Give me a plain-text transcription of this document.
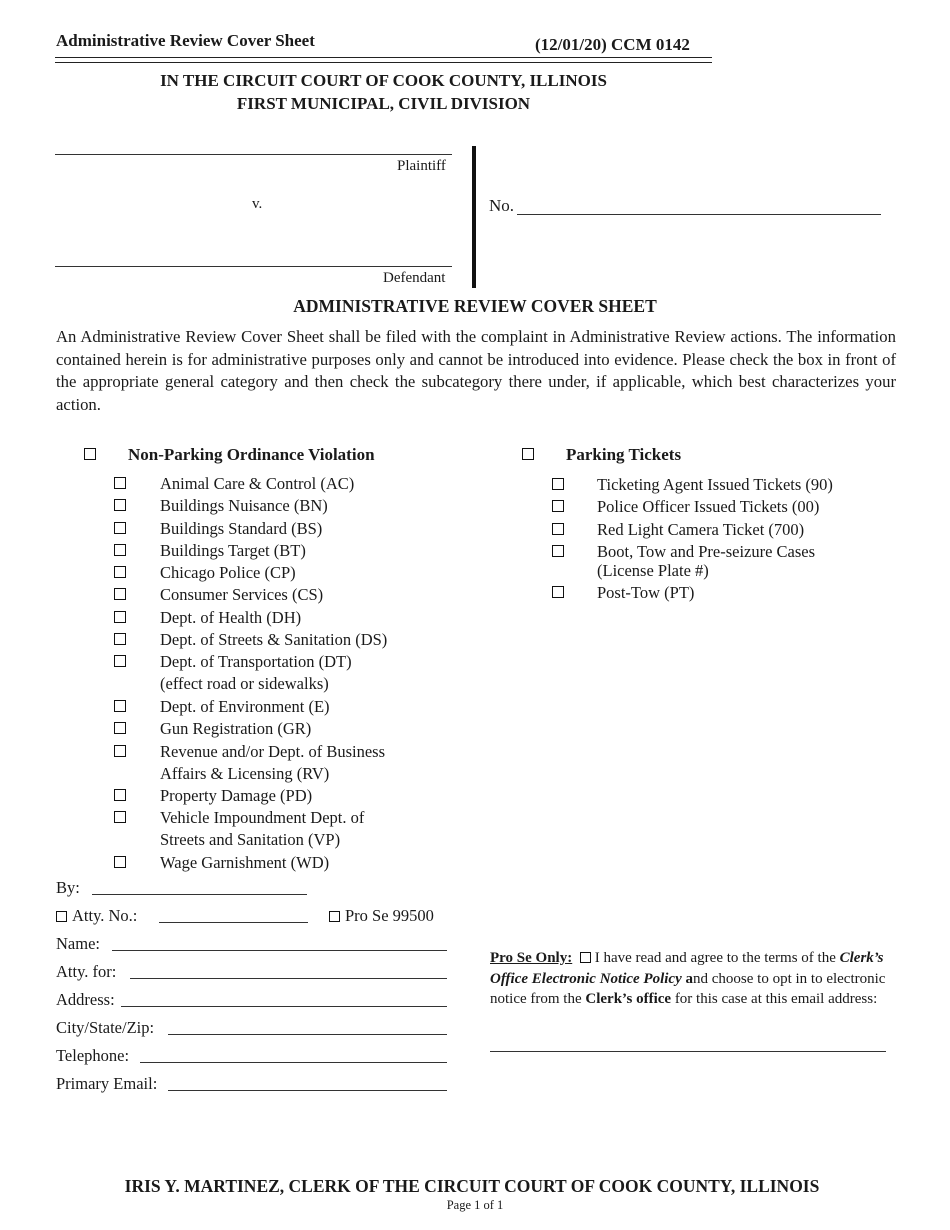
Administrative Review Cover Sheet	(12/01/20) CCM 0142
IN THE CIRCUIT COURT OF COOK COUNTY, ILLINOIS
FIRST MUNICIPAL, CIVIL DIVISION
Plaintiff
v.
Defendant
No.
ADMINISTRATIVE REVIEW COVER SHEET
An Administrative Review Cover Sheet shall be filed with the complaint in Administrative Review actions. The information contained herein is for administrative purposes only and cannot be introduced into evidence. Please check the box in front of the appropriate general category and then check the subcategory there under, if applicable, which best characterizes your action.
Non-Parking Ordinance Violation
Animal Care & Control (AC)
Buildings Nuisance (BN)
Buildings Standard (BS)
Buildings Target (BT)
Chicago Police (CP)
Consumer Services (CS)
Dept. of Health (DH)
Dept. of Streets & Sanitation (DS)
Dept. of Transportation (DT)
(effect road or sidewalks)
Dept. of Environment (E)
Gun Registration (GR)
Revenue and/or Dept. of Business
Affairs & Licensing (RV)
Property Damage (PD)
Vehicle Impoundment Dept. of
Streets and Sanitation (VP)
Wage Garnishment (WD)
Parking Tickets
Ticketing Agent Issued Tickets (90)
Police Officer Issued Tickets (00)
Red Light Camera Ticket (700)
Boot, Tow and Pre-seizure Cases
(License Plate #)
Post-Tow (PT)
By:
Atty. No.:	Pro Se 99500
Name:
Atty. for:
Address:
City/State/Zip:
Telephone:
Primary Email:
Pro Se Only:  I have read and agree to the terms of the Clerk’s Office Electronic Notice Policy and choose to opt in to electronic notice from the Clerk’s office for this case at this email address:
IRIS Y. MARTINEZ, CLERK OF THE CIRCUIT COURT OF COOK COUNTY, ILLINOIS
Page 1 of 1
